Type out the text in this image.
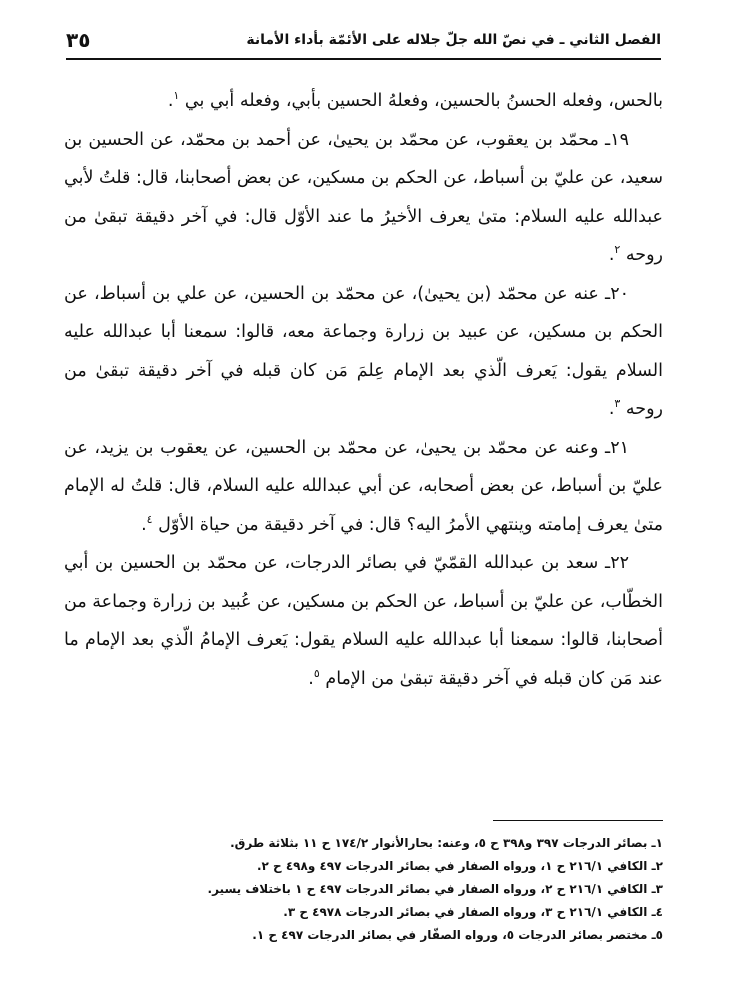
الفصل الثاني ـ في نصّ الله جلّ جلاله على الأئمّة بأداء الأمانة
٣٥

بالحس، وفعله الحسنُ بالحسين، وفعلهُ الحسين بأبي، وفعله أبي بي $^١$.

١٩ـ محمّد بن يعقوب، عن محمّد بن يحيىٰ، عن أحمد بن محمّد، عن الحسين بن سعيد، عن عليّ بن أسباط، عن الحكم بن مسكين، عن بعض أصحابنا، قال: قلتُ لأبي عبدالله عليه السلام: متىٰ يعرف الأخيرُ ما عند الأوّل قال: في آخر دقيقة تبقىٰ من روحه $^٢$.

٢٠ـ عنه عن محمّد (بن يحيىٰ)، عن محمّد بن الحسين، عن علي بن أسباط، عن الحكم بن مسكين، عن عبيد بن زرارة وجماعة معه، قالوا: سمعنا أبا عبدالله عليه السلام يقول: يَعرف الّذي بعد الإمام عِلمَ مَن كان قبله في آخر دقيقة تبقىٰ من روحه $^٣$.

٢١ـ وعنه عن محمّد بن يحيىٰ، عن محمّد بن الحسين، عن يعقوب بن يزيد، عن عليّ بن أسباط، عن بعض أصحابه، عن أبي عبدالله عليه السلام، قال: قلتُ له الإمام متىٰ يعرف إمامته وينتهي الأمرُ اليه؟ قال: في آخر دقيقة من حياة الأوّل $^٤$.

٢٢ـ سعد بن عبدالله القمّيّ في بصائر الدرجات، عن محمّد بن الحسين بن أبي الخطّاب، عن عليّ بن أسباط، عن الحكم بن مسكين، عن عُبيد بن زرارة وجماعة من أصحابنا، قالوا: سمعنا أبا عبدالله عليه السلام يقول: يَعرف الإمامُ الّذي بعد الإمام ما عند مَن كان قبله في آخر دقيقة تبقىٰ من الإمام $^٥$.

١ـ بصائر الدرجات ٣٩٧ و٣٩٨ ح ٥، وعنه: بحارالأنوار ١٧٤/٢ ح ١١ بثلاثة طرق.
٢ـ الكافي ٢١٦/١ ح ١، ورواه الصفار في بصائر الدرجات ٤٩٧ و٤٩٨ ح ٢.
٣ـ الكافي ٢١٦/١ ح ٢، ورواه الصفار في بصائر الدرجات ٤٩٧ ح ١ باختلاف يسير.
٤ـ الكافي ٢١٦/١ ح ٣، ورواه الصفار في بصائر الدرجات ٤٩٧٨ ح ٣.
٥ـ مختصر بصائر الدرجات ٥، ورواه الصفّار في بصائر الدرجات ٤٩٧ ح ١.
